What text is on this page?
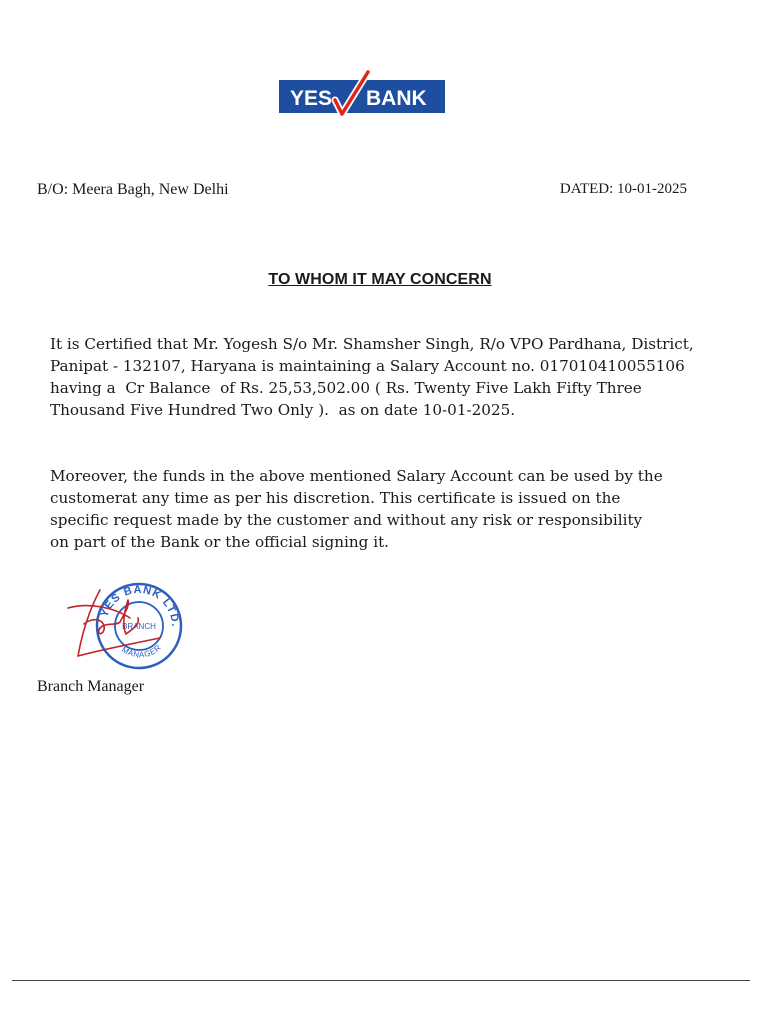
YES BANK
B/O: Meera Bagh, New Delhi	DATED: 10-01-2025
TO WHOM IT MAY CONCERN
It is Certified that Mr. Yogesh S/o Mr. Shamsher Singh, R/o VPO Pardhana, District,
Panipat - 132107, Haryana is maintaining a Salary Account no. 017010410055106
having a  Cr Balance  of Rs. 25,53,502.00 ( Rs. Twenty Five Lakh Fifty Three
Thousand Five Hundred Two Only ).  as on date 10-01-2025.
Moreover, the funds in the above mentioned Salary Account can be used by the
customerat any time as per his discretion. This certificate is issued on the
specific request made by the customer and without any risk or responsibility
on part of the Bank or the official signing it.
YES BANK LTD.
BRANCH
MANAGER
Branch Manager
